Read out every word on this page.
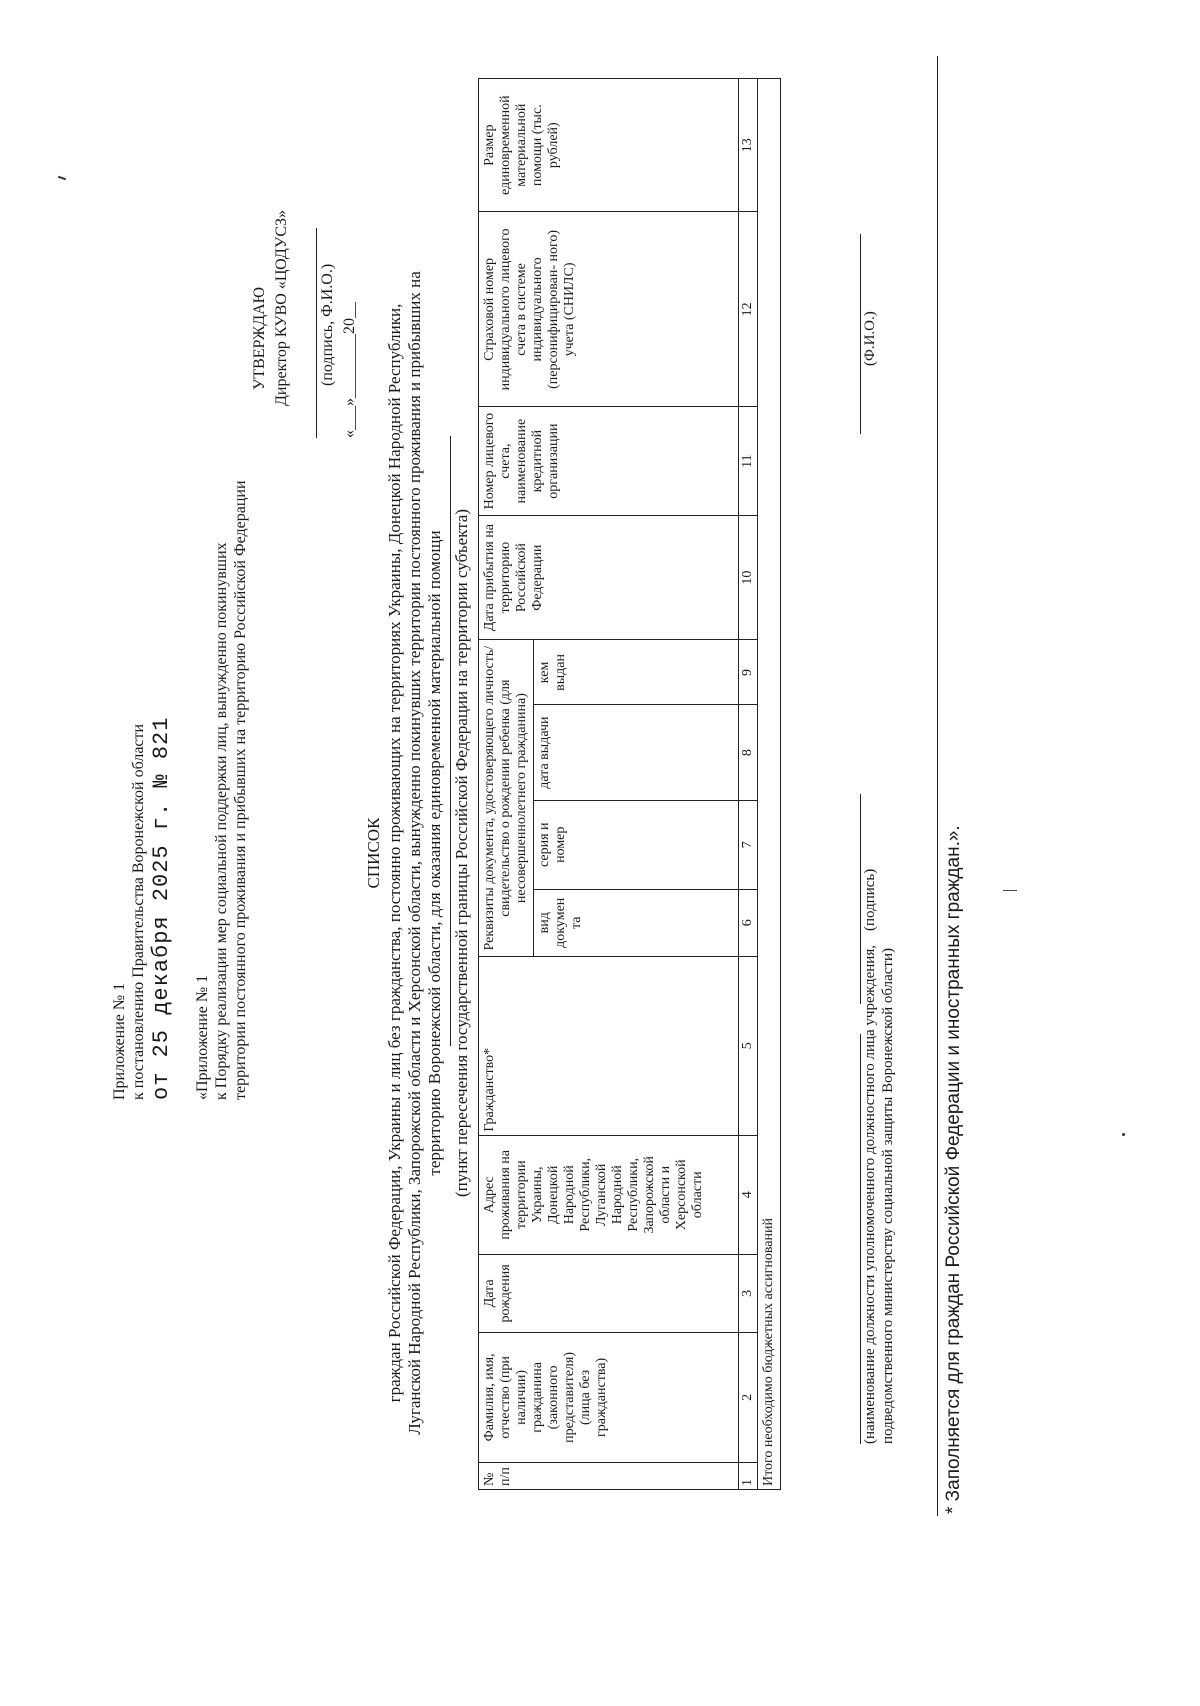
Приложение № 1 к постановлению Правительства Воронежской области от 25 декабря 2025 г. № 821 «Приложение № 1 к Порядку реализации мер социальной поддержки лиц, вынужденно покинувших территории постоянного проживания и прибывших на территорию Российской Федерации
УТВЕРЖДАЮ Директор КУВО «ЦОДУСЗ» (подпись, Ф.И.О.) «___»________20__
СПИСОК граждан Российской Федерации, Украины и лиц без гражданства, постоянно проживающих на территориях Украины, Донецкой Народной Республики, Луганской Народной Республики, Запорожской области и Херсонской области, вынужденно покинувших территории постоянного проживания и прибывших на территорию Воронежской области, для оказания единовременной материальной помощи (пункт пересечения государственной границы Российской Федерации на территории субъекта)
№ п/п	Фамилия, имя, отчество (при наличии) гражданина (законного представителя) (лица без гражданства)	Дата рождения	Адрес проживания на территории Украины, Донецкой Народной Республики, Луганской Народной Республики, Запорожской области и Херсонской области	Гражданство*	Реквизиты документа, удостоверяющего личность/свидетельство о рождении ребенка (для несовершеннолетнего гражданина)				Дата прибытия на территорию Российской Федерации	Номер лицевого счета, наименование кредитной организации	Страховой номер индивидуального лицевого счета в системе индивидуального (персонифицирован- ного) учета (СНИЛС)	Размер единовременной материальной помощи (тыс. рублей)
					вид докумен та	серия и номер	дата выдачи	кем выдан				
1	2	3	4	5	6	7	8	9	10	11	12	13
Итого необходимо бюджетных ассигнований													(наименование должности уполномоченного должностного лица учреждения, подведомственного министерству социальной защиты Воронежской области)
(подпись)
(Ф.И.О.)
* Заполняется для граждан Российской Федерации и иностранных граждан.».
